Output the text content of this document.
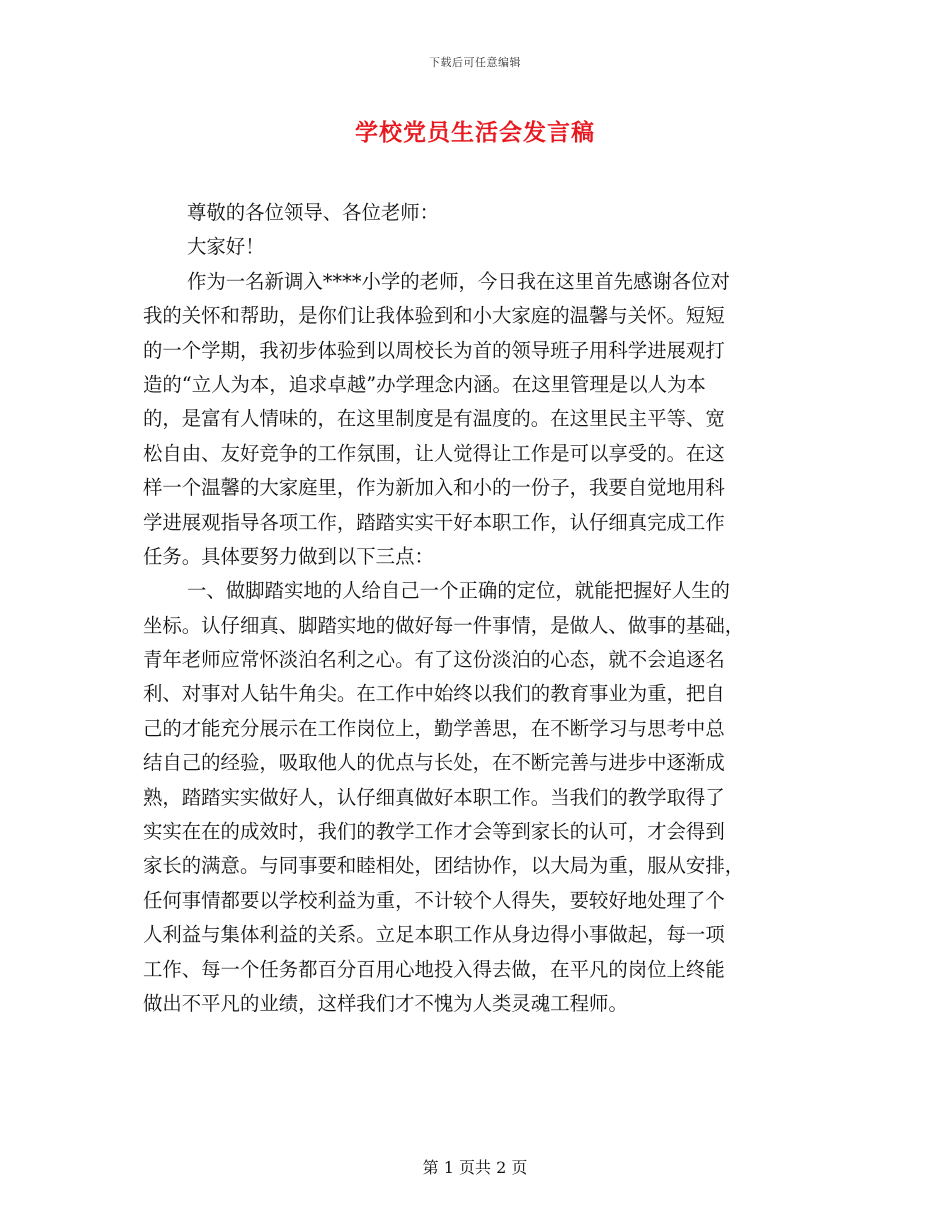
下载后可任意编辑
学校党员生活会发言稿
尊敬的各位领导、各位老师：
大家好！
作为一名新调入****小学的老师，今日我在这里首先感谢各位对
我的关怀和帮助，是你们让我体验到和小大家庭的温馨与关怀。短短
的一个学期，我初步体验到以周校长为首的领导班子用科学进展观打
造的“立人为本，追求卓越”办学理念内涵。在这里管理是以人为本
的，是富有人情味的，在这里制度是有温度的。在这里民主平等、宽
松自由、友好竞争的工作氛围，让人觉得让工作是可以享受的。在这
样一个温馨的大家庭里，作为新加入和小的一份子，我要自觉地用科
学进展观指导各项工作，踏踏实实干好本职工作，认仔细真完成工作
任务。具体要努力做到以下三点：
一、做脚踏实地的人给自己一个正确的定位，就能把握好人生的
坐标。认仔细真、脚踏实地的做好每一件事情，是做人、做事的基础，
青年老师应常怀淡泊名利之心。有了这份淡泊的心态，就不会追逐名
利、对事对人钻牛角尖。在工作中始终以我们的教育事业为重，把自
己的才能充分展示在工作岗位上，勤学善思，在不断学习与思考中总
结自己的经验，吸取他人的优点与长处，在不断完善与进步中逐渐成
熟，踏踏实实做好人，认仔细真做好本职工作。当我们的教学取得了
实实在在的成效时，我们的教学工作才会等到家长的认可，才会得到
家长的满意。与同事要和睦相处，团结协作，以大局为重，服从安排，
任何事情都要以学校利益为重，不计较个人得失，要较好地处理了个
人利益与集体利益的关系。立足本职工作从身边得小事做起，每一项
工作、每一个任务都百分百用心地投入得去做，在平凡的岗位上终能
做出不平凡的业绩，这样我们才不愧为人类灵魂工程师。
第 1 页共 2 页
